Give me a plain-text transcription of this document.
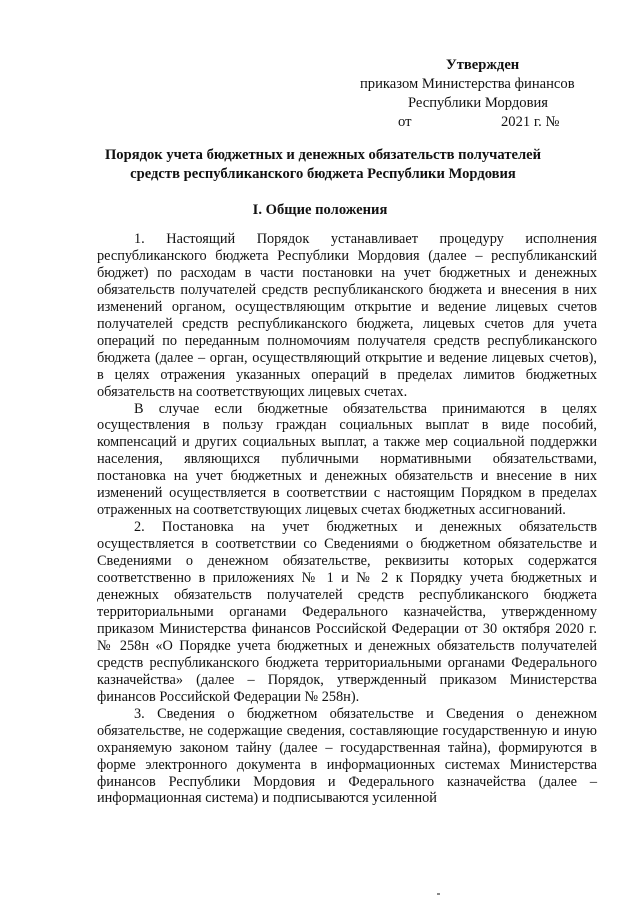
Утвержден
приказом Министерства финансов
Республики Мордовия
от	2021 г. №
Порядок учета бюджетных и денежных обязательств получателей средств республиканского бюджета Республики Мордовия
I. Общие положения

1. Настоящий Порядок устанавливает процедуру исполнения республиканского бюджета Республики Мордовия (далее – республиканский бюджет) по расходам в части постановки на учет бюджетных и денежных обязательств получателей средств республиканского бюджета и внесения в них изменений органом, осуществляющим открытие и ведение лицевых счетов получателей средств республиканского бюджета, лицевых счетов для учета операций по переданным полномочиям получателя средств республиканского бюджета (далее – орган, осуществляющий открытие и ведение лицевых счетов), в целях отражения указанных операций в пределах лимитов бюджетных обязательств на соответствующих лицевых счетах.

В случае если бюджетные обязательства принимаются в целях осуществления в пользу граждан социальных выплат в виде пособий, компенсаций и других социальных выплат, а также мер социальной поддержки населения, являющихся публичными нормативными обязательствами, постановка на учет бюджетных и денежных обязательств и внесение в них изменений осуществляется в соответствии с настоящим Порядком в пределах отраженных на соответствующих лицевых счетах бюджетных ассигнований.

2. Постановка на учет бюджетных и денежных обязательств осуществляется в соответствии со Сведениями о бюджетном обязательстве и Сведениями о денежном обязательстве, реквизиты которых содержатся соответственно в приложениях № 1 и № 2 к Порядку учета бюджетных и денежных обязательств получателей средств республиканского бюджета территориальными органами Федерального казначейства, утвержденному приказом Министерства финансов Российской Федерации от 30 октября 2020 г. № 258н «О Порядке учета бюджетных и денежных обязательств получателей средств республиканского бюджета территориальными органами Федерального казначейства» (далее – Порядок, утвержденный приказом Министерства финансов Российской Федерации № 258н).

3. Сведения о бюджетном обязательстве и Сведения о денежном обязательстве, не содержащие сведения, составляющие государственную и иную охраняемую законом тайну (далее – государственная тайна), формируются в форме электронного документа в информационных системах Министерства финансов Республики Мордовия и Федерального казначейства (далее – информационная система) и подписываются усиленной
